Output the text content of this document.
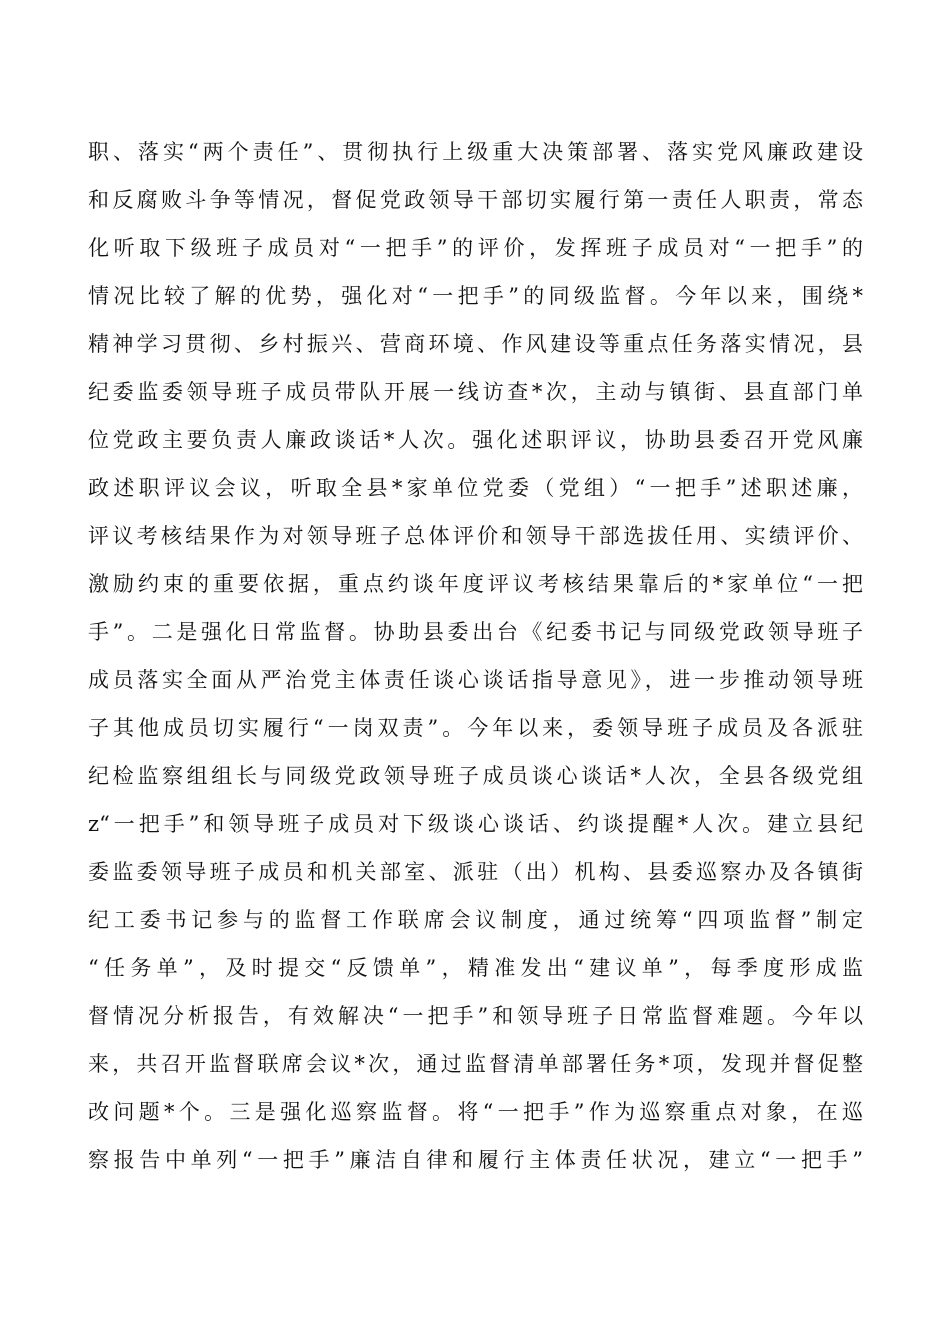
职、落实“两个责任”、贯彻执行上级重大决策部署、落实党风廉政建设
和反腐败斗争等情况，督促党政领导干部切实履行第一责任人职责，常态
化听取下级班子成员对“一把手”的评价，发挥班子成员对“一把手”的
情况比较了解的优势，强化对“一把手”的同级监督。今年以来，围绕*
精神学习贯彻、乡村振兴、营商环境、作风建设等重点任务落实情况，县
纪委监委领导班子成员带队开展一线访查*次，主动与镇街、县直部门单
位党政主要负责人廉政谈话*人次。强化述职评议，协助县委召开党风廉
政述职评议会议，听取全县*家单位党委（党组）“一把手”述职述廉，
评议考核结果作为对领导班子总体评价和领导干部选拔任用、实绩评价、
激励约束的重要依据，重点约谈年度评议考核结果靠后的*家单位“一把
手”。二是强化日常监督。协助县委出台《纪委书记与同级党政领导班子
成员落实全面从严治党主体责任谈心谈话指导意见》，进一步推动领导班
子其他成员切实履行“一岗双责”。今年以来，委领导班子成员及各派驻
纪检监察组组长与同级党政领导班子成员谈心谈话*人次，全县各级党组
z“一把手”和领导班子成员对下级谈心谈话、约谈提醒*人次。建立县纪
委监委领导班子成员和机关部室、派驻（出）机构、县委巡察办及各镇街
纪工委书记参与的监督工作联席会议制度，通过统筹“四项监督”制定
“任务单”，及时提交“反馈单”，精准发出“建议单”，每季度形成监
督情况分析报告，有效解决“一把手”和领导班子日常监督难题。今年以
来，共召开监督联席会议*次，通过监督清单部署任务*项，发现并督促整
改问题*个。三是强化巡察监督。将“一把手”作为巡察重点对象，在巡
察报告中单列“一把手”廉洁自律和履行主体责任状况，建立“一把手”
